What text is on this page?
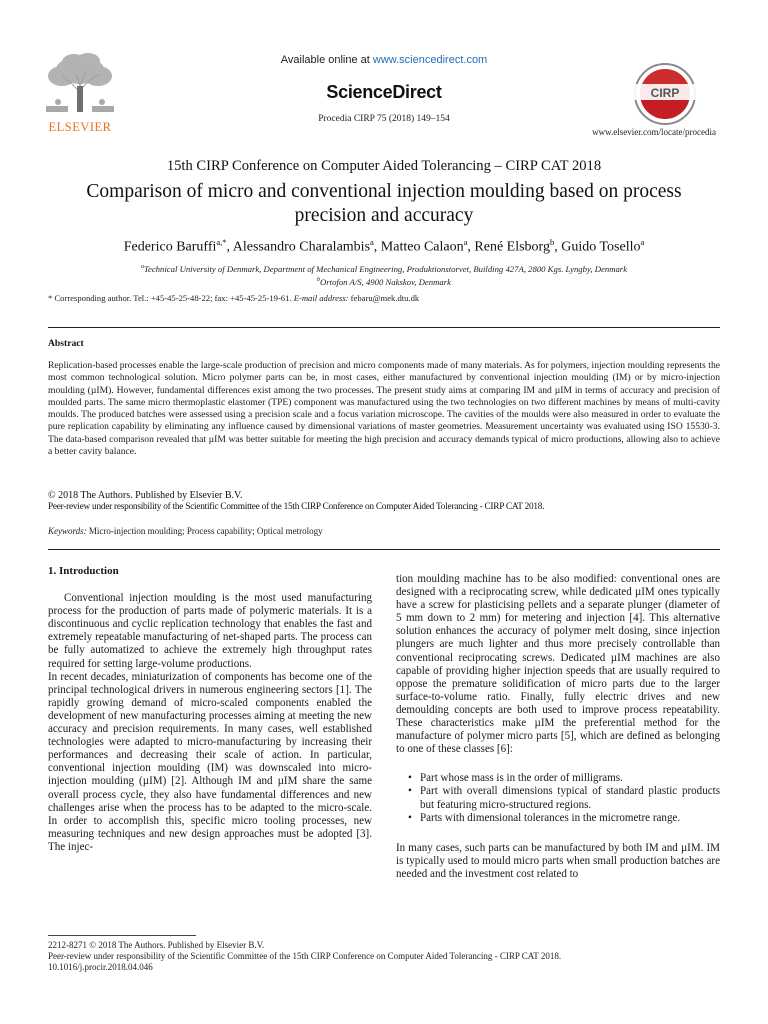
ELSEVIER
Available online at www.sciencedirect.com
ScienceDirect
Procedia CIRP 75 (2018) 149–154
CIRP
www.elsevier.com/locate/procedia
15th CIRP Conference on Computer Aided Tolerancing – CIRP CAT 2018
Comparison of micro and conventional injection moulding based on process
precision and accuracy
Federico Baruffi$^{a,*}$, Alessandro Charalambis$^a$, Matteo Calaon$^a$, René Elsborg$^b$, Guido Tosello$^a$
$^a$Technical University of Denmark, Department of Mechanical Engineering, Produktionstorvet, Building 427A, 2800 Kgs. Lyngby, Denmark
$^b$Ortofon A/S, 4900 Nakskov, Denmark
* Corresponding author. Tel.: +45-45-25-48-22; fax: +45-45-25-19-61. E-mail address: febaru@mek.dtu.dk
Abstract
Replication-based processes enable the large-scale production of precision and micro components made of many materials. As for polymers, injection moulding represents the most common technological solution. Micro polymer parts can be, in most cases, either manufactured by conventional injection moulding (IM) or by micro-injection moulding (µIM). However, fundamental differences exist among the two processes. The present study aims at comparing IM and µIM in terms of accuracy and precision of moulded parts. The same micro thermoplastic elastomer (TPE) component was manufactured using the two technologies on two different machines by means of multi-cavity moulds. The produced batches were assessed using a precision scale and a focus variation microscope. The cavities of the moulds were also measured in order to evaluate the pure replication capability by eliminating any influence caused by dimensional variations of master geometries. Measurement uncertainty was evaluated using ISO 15530-3. The data-based comparison revealed that µIM was better suitable for meeting the high precision and accuracy demands typical of micro productions, allowing also to achieve a better cavity balance.
© 2018 The Authors. Published by Elsevier B.V.
Peer-review under responsibility of the Scientific Committee of the 15th CIRP Conference on Computer Aided Tolerancing - CIRP CAT 2018.
Keywords: Micro-injection moulding; Process capability; Optical metrology
1. Introduction

Conventional injection moulding is the most used manufacturing process for the production of parts made of polymeric materials. It is a discontinuous and cyclic replication technology that enables the fast and extremely repeatable manufacturing of net-shaped parts. The process can be fully automatized to achieve the extremely high throughput rates required for setting large-volume productions.

In recent decades, miniaturization of components has become one of the principal technological drivers in numerous engineering sectors [1]. The rapidly growing demand of micro-scaled components enabled the development of new manufacturing processes aiming at meeting the new accuracy and precision requirements. In many cases, well established technologies were adapted to micro-manufacturing by increasing their performances and decreasing their scale of action. In particular, conventional injection moulding (IM) was downscaled into micro-injection moulding (µIM) [2]. Although IM and µIM share the same overall process cycle, they also have fundamental differences and new challenges arise when the process has to be adapted to the micro-scale. In order to accomplish this, specific micro tooling processes, new measuring techniques and new design approaches must be adopted [3]. The injec-

tion moulding machine has to be also modified: conventional ones are designed with a reciprocating screw, while dedicated µIM ones typically have a screw for plasticising pellets and a separate plunger (diameter of 5 mm down to 2 mm) for metering and injection [4]. This alternative solution enhances the accuracy of polymer melt dosing, since injection plungers are much lighter and thus more precisely controllable than conventional reciprocating screws. Dedicated µIM machines are also capable of providing higher injection speeds that are usually required to oppose the premature solidification of micro parts due to the larger surface-to-volume ratio. Finally, fully electric drives and new demoulding concepts are both used to improve process repeatability. These characteristics make µIM the preferential method for the manufacture of polymer micro parts [5], which are defined as belonging to one of these classes [6]:

• Part whose mass is in the order of milligrams.
• Part with overall dimensions typical of standard plastic products but featuring micro-structured regions.
• Parts with dimensional tolerances in the micrometre range.

In many cases, such parts can be manufactured by both IM and µIM. IM is typically used to mould micro parts when small production batches are needed and the investment cost related to

2212-8271 © 2018 The Authors. Published by Elsevier B.V.
Peer-review under responsibility of the Scientific Committee of the 15th CIRP Conference on Computer Aided Tolerancing - CIRP CAT 2018.
10.1016/j.procir.2018.04.046
